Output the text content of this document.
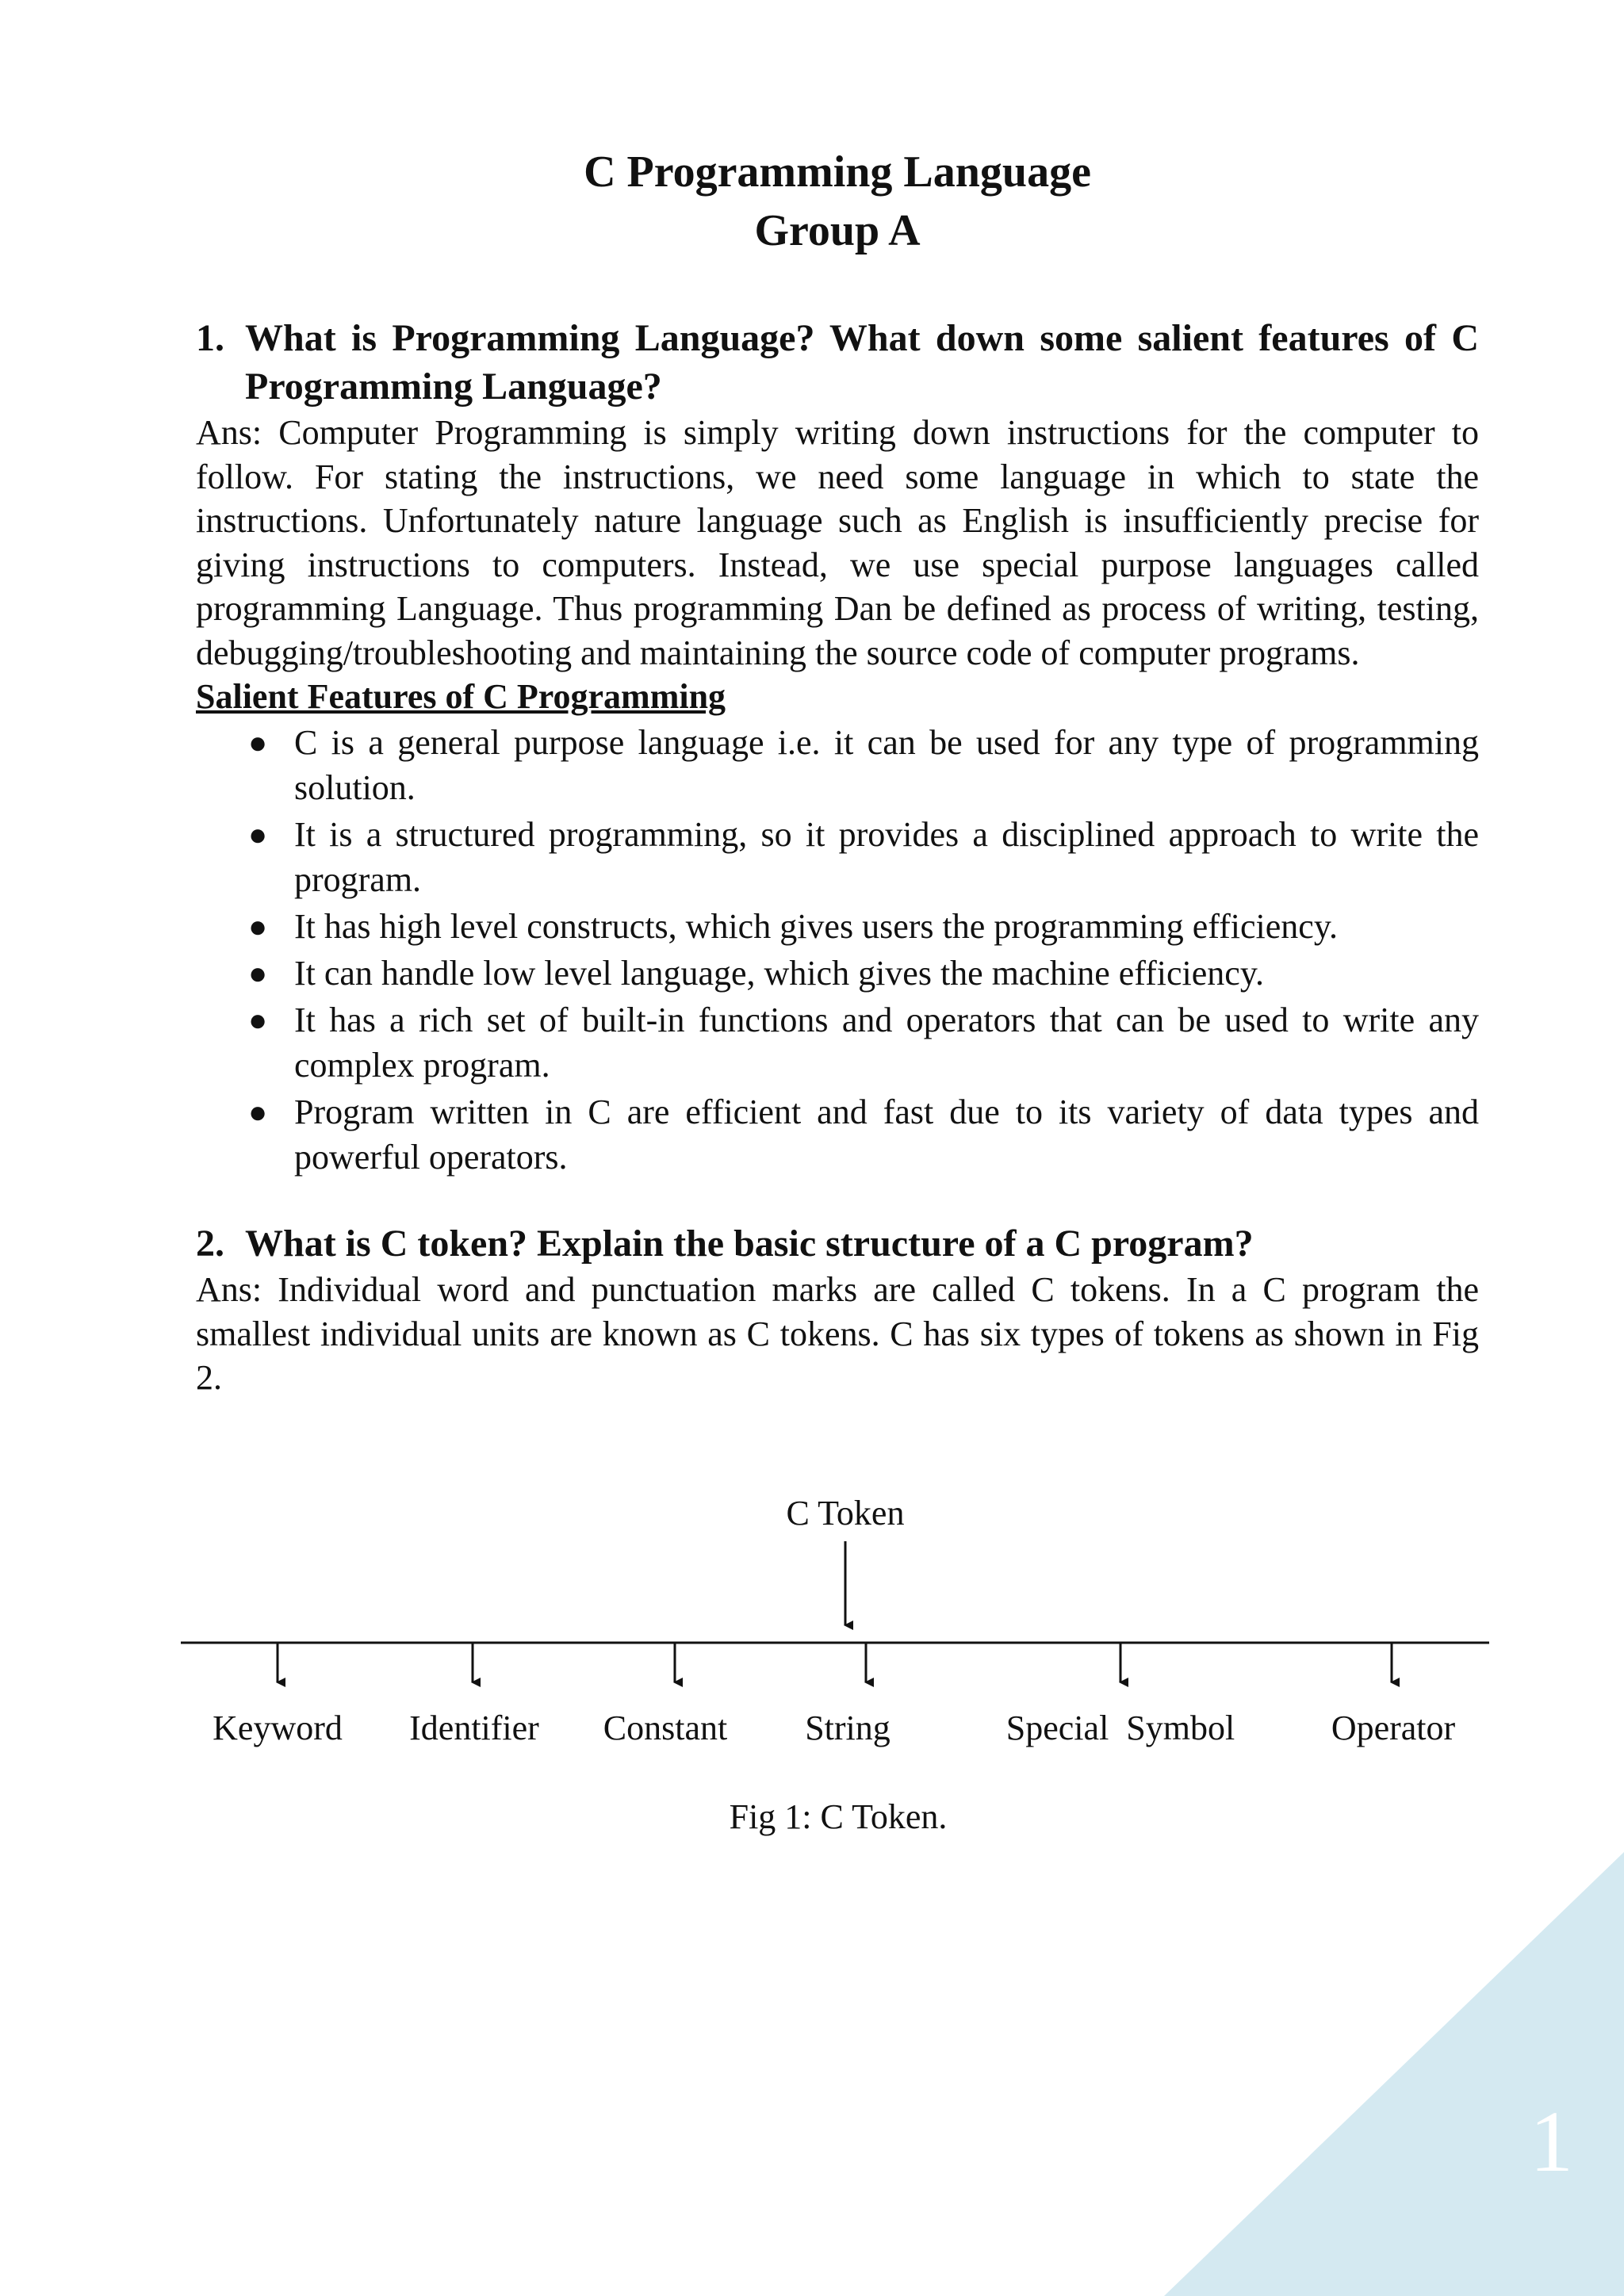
1
C Programming Language
Group A
1. What is Programming Language? What down some salient features of C Programming Language?

Ans: Computer Programming is simply writing down instructions for the computer to follow. For stating the instructions, we need some language in which to state the instructions. Unfortunately nature language such as English is insufficiently precise for giving instructions to computers. Instead, we use special purpose languages called programming Language. Thus programming Dan be defined as process of writing, testing, debugging/troubleshooting and maintaining the source code of computer programs.

Salient Features of C Programming

● C is a general purpose language i.e. it can be used for any type of programming solution.
● It is a structured programming, so it provides a disciplined approach to write the program.
● It has high level constructs, which gives users the programming efficiency.
● It can handle low level language, which gives the machine efficiency.
● It has a rich set of built-in functions and operators that can be used to write any complex program.
● Program written in C are efficient and fast due to its variety of data types and powerful operators.
2. What is C token? Explain the basic structure of a C program?

Ans: Individual word and punctuation marks are called C tokens. In a C program the smallest individual units are known as C tokens. C has six types of tokens as shown in Fig 2.

C Token
Keyword Identifier Constant String	Special  Symbol	Operator
Fig 1: C Token.
